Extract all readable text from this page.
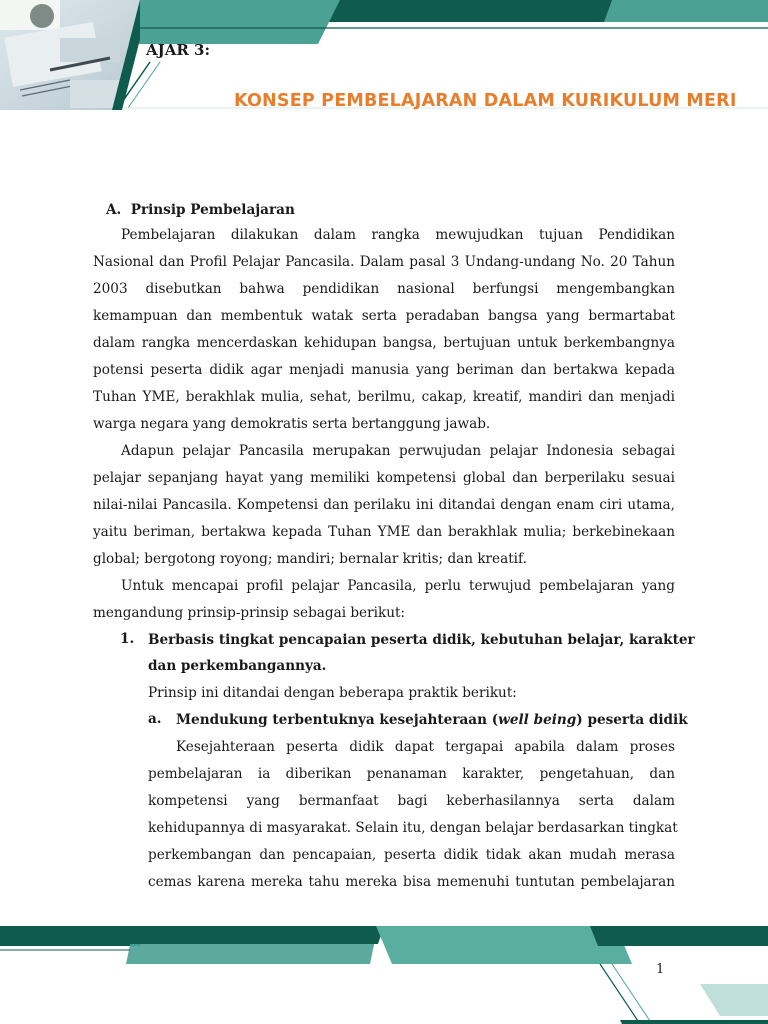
AJAR 3:
KONSEP PEMBELAJARAN DALAM KURIKULUM MERI
A. Prinsip Pembelajaran
Pembelajaran dilakukan dalam rangka mewujudkan tujuan Pendidikan
Nasional dan Profil Pelajar Pancasila. Dalam pasal 3 Undang-undang No. 20 Tahun
2003 disebutkan bahwa pendidikan nasional berfungsi mengembangkan
kemampuan dan membentuk watak serta peradaban bangsa yang bermartabat
dalam rangka mencerdaskan kehidupan bangsa, bertujuan untuk berkembangnya
potensi peserta didik agar menjadi manusia yang beriman dan bertakwa kepada
Tuhan YME, berakhlak mulia, sehat, berilmu, cakap, kreatif, mandiri dan menjadi
warga negara yang demokratis serta bertanggung jawab.
Adapun pelajar Pancasila merupakan perwujudan pelajar Indonesia sebagai
pelajar sepanjang hayat yang memiliki kompetensi global dan berperilaku sesuai
nilai-nilai Pancasila. Kompetensi dan perilaku ini ditandai dengan enam ciri utama,
yaitu beriman, bertakwa kepada Tuhan YME dan berakhlak mulia; berkebinekaan
global; bergotong royong; mandiri; bernalar kritis; dan kreatif.
Untuk mencapai profil pelajar Pancasila, perlu terwujud pembelajaran yang
mengandung prinsip-prinsip sebagai berikut:
1. Berbasis tingkat pencapaian peserta didik, kebutuhan belajar, karakter
dan perkembangannya.
Prinsip ini ditandai dengan beberapa praktik berikut:
a. Mendukung terbentuknya kesejahteraan (well being) peserta didik
Kesejahteraan peserta didik dapat tergapai apabila dalam proses
pembelajaran ia diberikan penanaman karakter, pengetahuan, dan
kompetensi yang bermanfaat bagi keberhasilannya serta dalam
kehidupannya di masyarakat. Selain itu, dengan belajar berdasarkan tingkat
perkembangan dan pencapaian, peserta didik tidak akan mudah merasa
cemas karena mereka tahu mereka bisa memenuhi tuntutan pembelajaran
1
